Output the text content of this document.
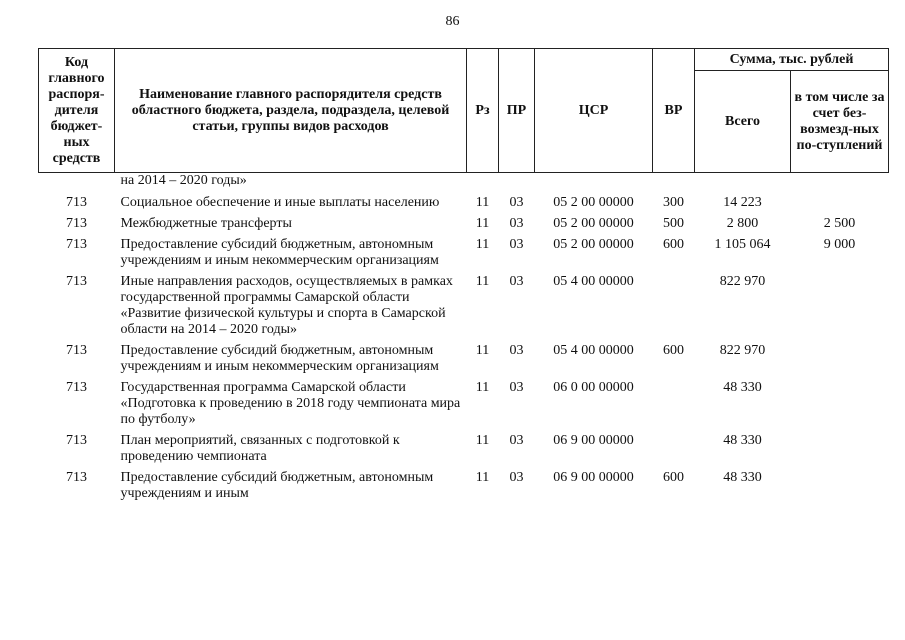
86
Код главного распоря-дителя бюджет-ных средств	Наименование главного распорядителя средств областного бюджета, раздела, подраздела, целевой статьи, группы видов расходов	Рз	ПР	ЦСР	ВР	Сумма, тыс. рублей	
						Всего	в том числе за счет без-возмезд-ных по-ступлений
	на 2014 – 2020 годы»						
713	Социальное обеспечение и иные выплаты населению	11	03	05 2 00 00000	300	14 223	
713	Межбюджетные трансферты	11	03	05 2 00 00000	500	2 800	2 500
713	Предоставление субсидий бюджетным, автономным учреждениям и иным некоммерческим организациям	11	03	05 2 00 00000	600	1 105 064	9 000
713	Иные направления расходов, осуществляемых в рамках государственной программы Самарской области «Развитие физической культуры и спорта в Самарской области на 2014 – 2020 годы»	11	03	05 4 00 00000		822 970	
713	Предоставление субсидий бюджетным, автономным учреждениям и иным некоммерческим организациям	11	03	05 4 00 00000	600	822 970	
713	Государственная программа Самарской области «Подготовка к проведению в 2018 году чемпионата мира по футболу»	11	03	06 0 00 00000		48 330	
713	План мероприятий, связанных с подготовкой к проведению чемпионата	11	03	06 9 00 00000		48 330	
713	Предоставление субсидий бюджетным, автономным учреждениям и иным	11	03	06 9 00 00000	600	48 330	
